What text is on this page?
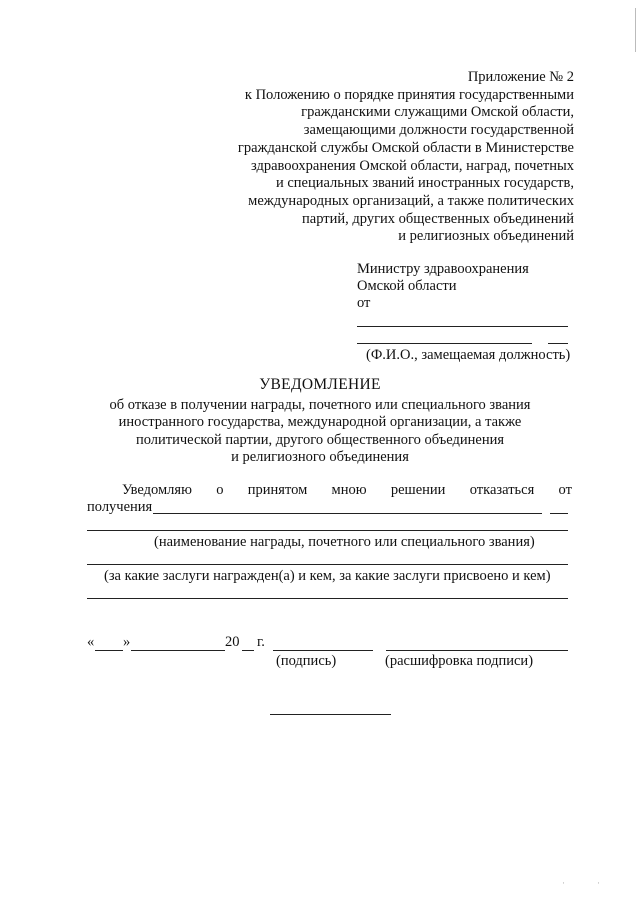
Приложение № 2
к Положению о порядке принятия государственными
гражданскими служащими Омской области,
замещающими должности государственной
гражданской службы Омской области в Министерстве
здравоохранения Омской области, наград, почетных
и специальных званий иностранных государств,
международных организаций, а также политических
партий, других общественных объединений
и религиозных объединений
Министру здравоохранения
Омской области
от
(Ф.И.О., замещаемая должность)
УВЕДОМЛЕНИЕ
об отказе в получении награды, почетного или специального звания
иностранного государства, международной организации, а также
политической партии, другого общественного объединения
и религиозного объединения
Уведомляю о принятом мною решении отказаться от
получения
(наименование награды, почетного или специального звания)
(за какие заслуги награжден(а) и кем, за какие заслуги присвоено и кем)
« »	20 г.
(подпись)	(расшифровка подписи)
·	·
